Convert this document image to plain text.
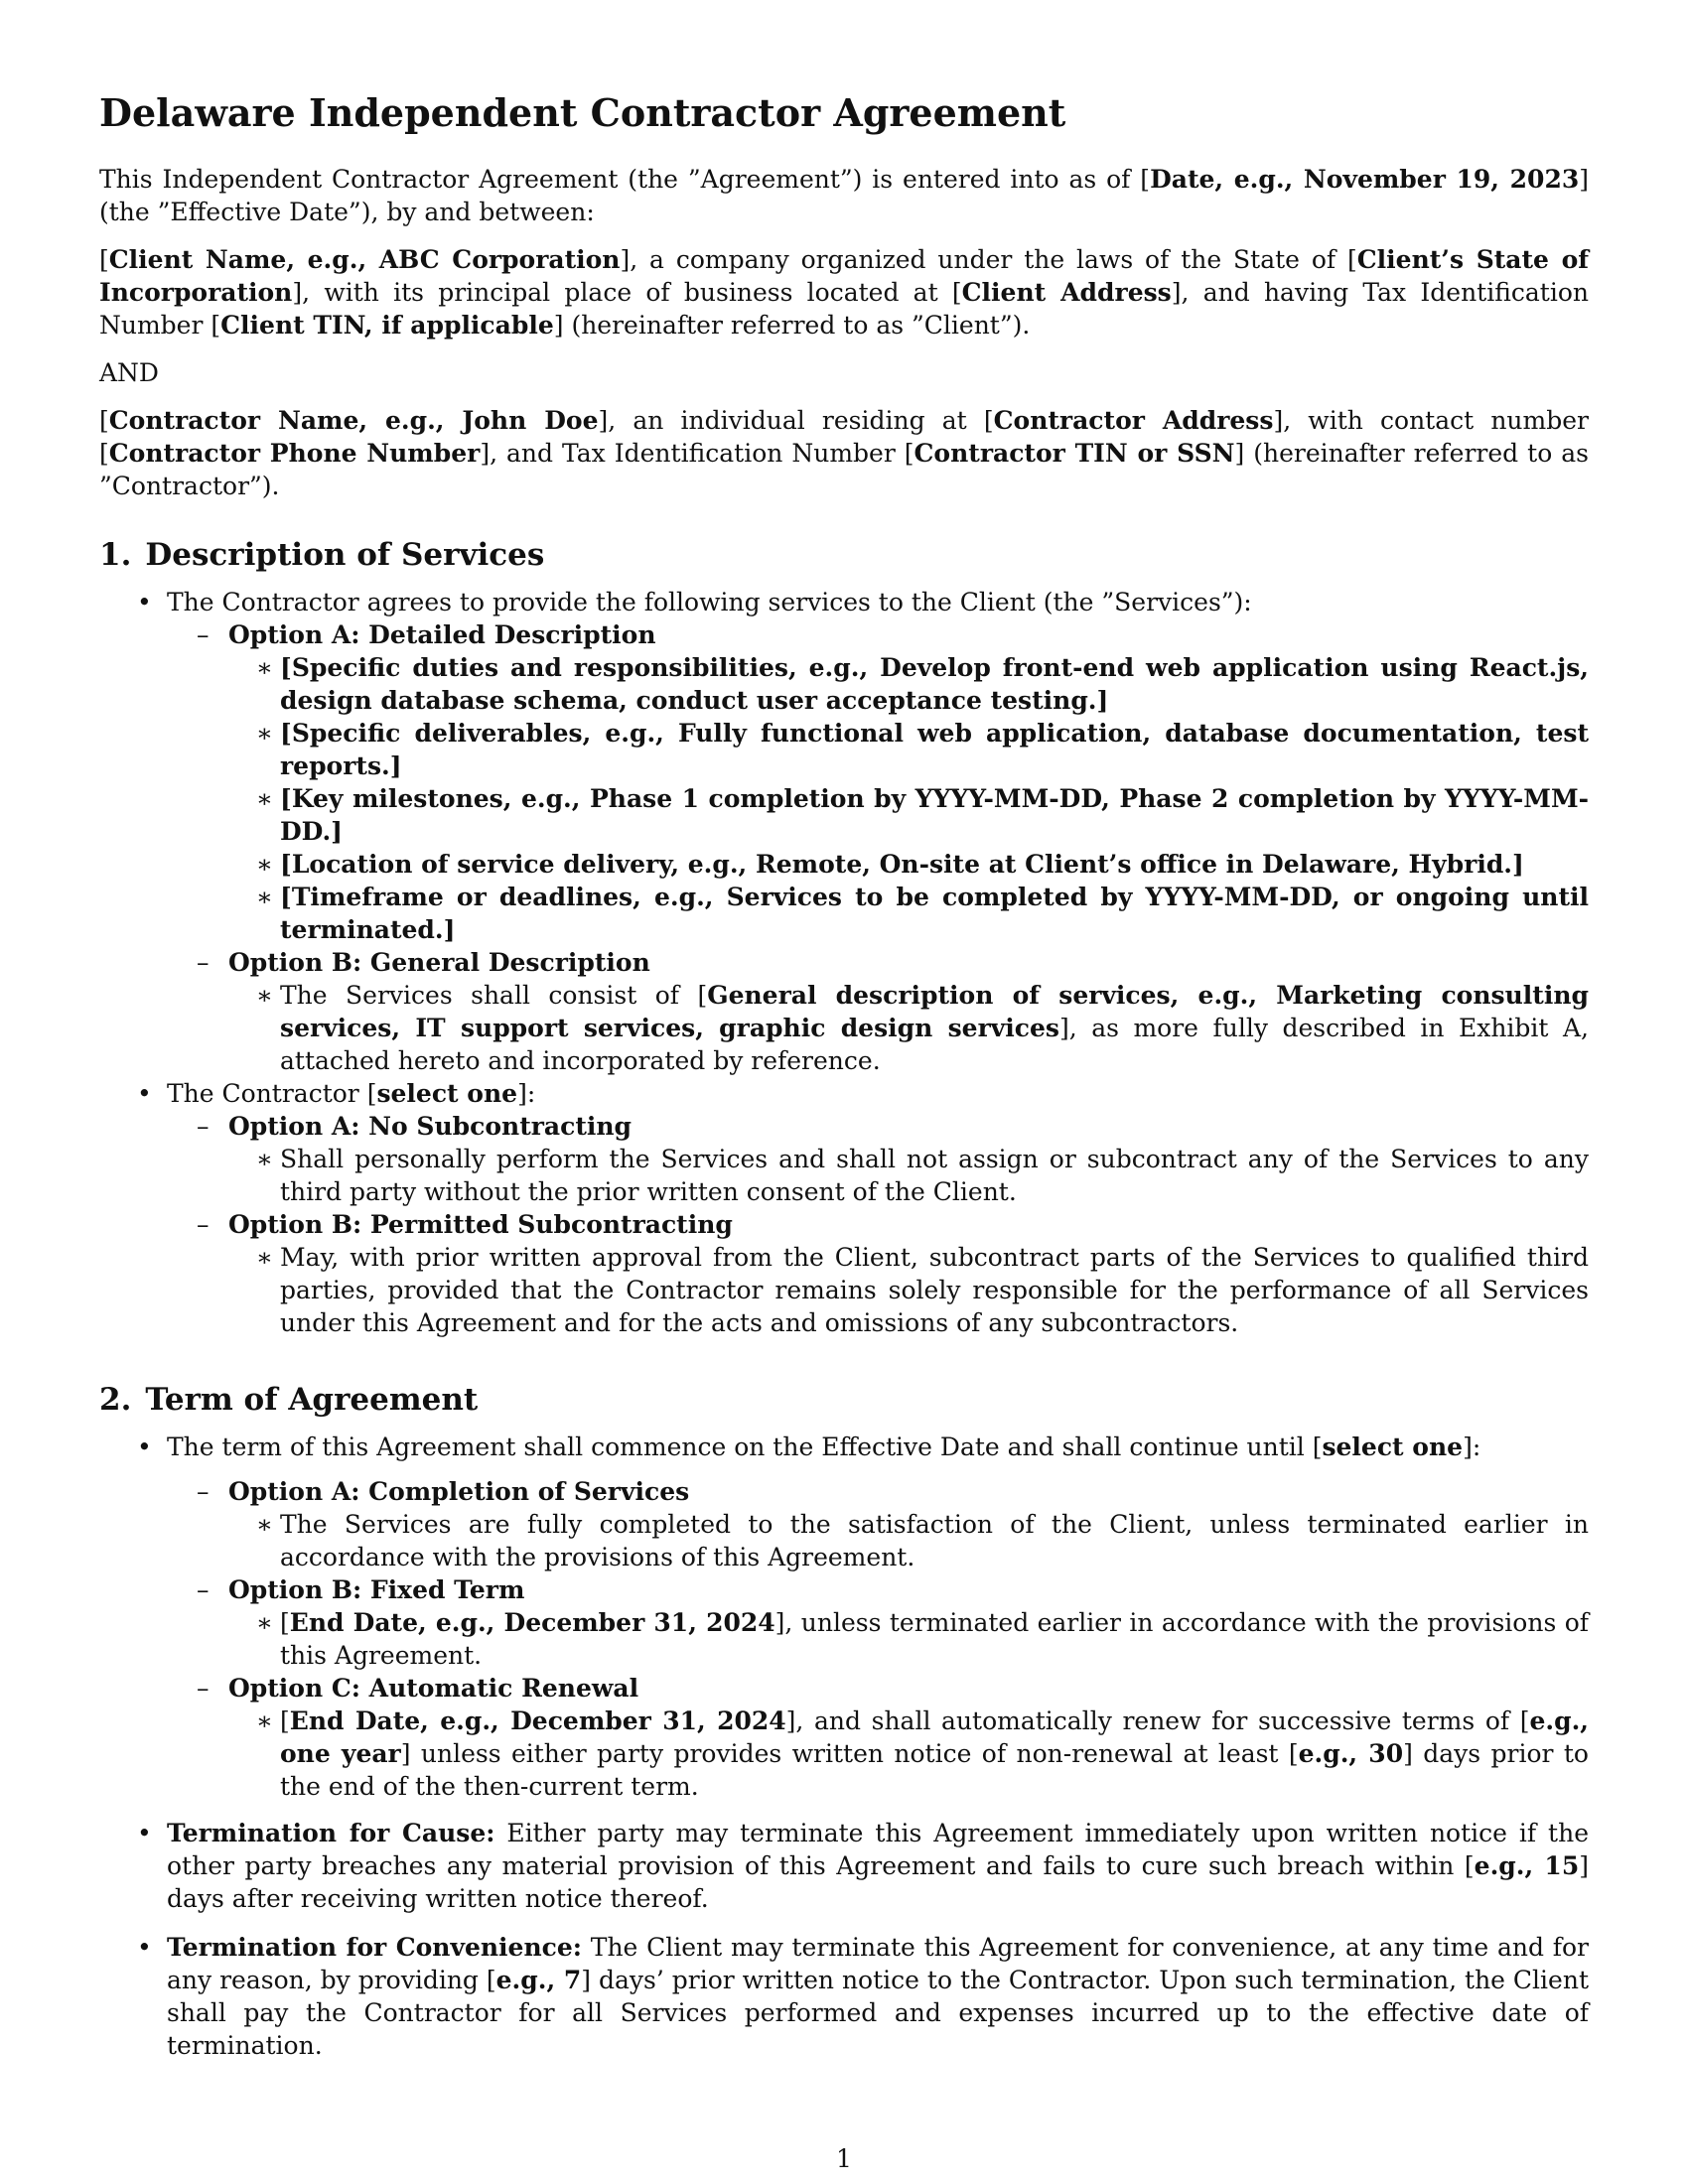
Delaware Independent Contractor Agreement

This Independent Contractor Agreement (the ”Agreement”) is entered into as of [Date, e.g., November 19, 2023] (the ”Effective Date”), by and between:

[Client Name, e.g., ABC Corporation], a company organized under the laws of the State of [Client’s State of Incorporation], with its principal place of business located at [Client Address], and having Tax Identification Number [Client TIN, if applicable] (hereinafter referred to as ”Client”).

AND

[Contractor Name, e.g., John Doe], an individual residing at [Contractor Address], with contact number [Contractor Phone Number], and Tax Identification Number [Contractor TIN or SSN] (hereinafter referred to as ”Contractor”).

1. Description of Services
• The Contractor agrees to provide the following services to the Client (the ”Services”):
– Option A: Detailed Description
∗ [Specific duties and responsibilities, e.g., Develop front-end web application using React.js, design database schema, conduct user acceptance testing.]
∗ [Specific deliverables, e.g., Fully functional web application, database documentation, test reports.]
∗ [Key milestones, e.g., Phase 1 completion by YYYY-MM-DD, Phase 2 completion by YYYY-MM-DD.]
∗ [Location of service delivery, e.g., Remote, On-site at Client’s office in Delaware, Hybrid.]
∗ [Timeframe or deadlines, e.g., Services to be completed by YYYY-MM-DD, or ongoing until terminated.]
– Option B: General Description
∗ The Services shall consist of [General description of services, e.g., Marketing consulting services, IT support services, graphic design services], as more fully described in Exhibit A, attached hereto and incorporated by reference.
• The Contractor [select one]:
– Option A: No Subcontracting
∗ Shall personally perform the Services and shall not assign or subcontract any of the Services to any third party without the prior written consent of the Client.
– Option B: Permitted Subcontracting
∗ May, with prior written approval from the Client, subcontract parts of the Services to qualified third parties, provided that the Contractor remains solely responsible for the performance of all Services under this Agreement and for the acts and omissions of any subcontractors.
2. Term of Agreement
• The term of this Agreement shall commence on the Effective Date and shall continue until [select one]:
– Option A: Completion of Services
∗ The Services are fully completed to the satisfaction of the Client, unless terminated earlier in accordance with the provisions of this Agreement.
– Option B: Fixed Term
∗ [End Date, e.g., December 31, 2024], unless terminated earlier in accordance with the provisions of this Agreement.
– Option C: Automatic Renewal
∗ [End Date, e.g., December 31, 2024], and shall automatically renew for successive terms of [e.g., one year] unless either party provides written notice of non-renewal at least [e.g., 30] days prior to the end of the then-current term.
• Termination for Cause: Either party may terminate this Agreement immediately upon written notice if the other party breaches any material provision of this Agreement and fails to cure such breach within [e.g., 15] days after receiving written notice thereof.
• Termination for Convenience: The Client may terminate this Agreement for convenience, at any time and for any reason, by providing [e.g., 7] days’ prior written notice to the Contractor. Upon such termination, the Client shall pay the Contractor for all Services performed and expenses incurred up to the effective date of termination.
1
